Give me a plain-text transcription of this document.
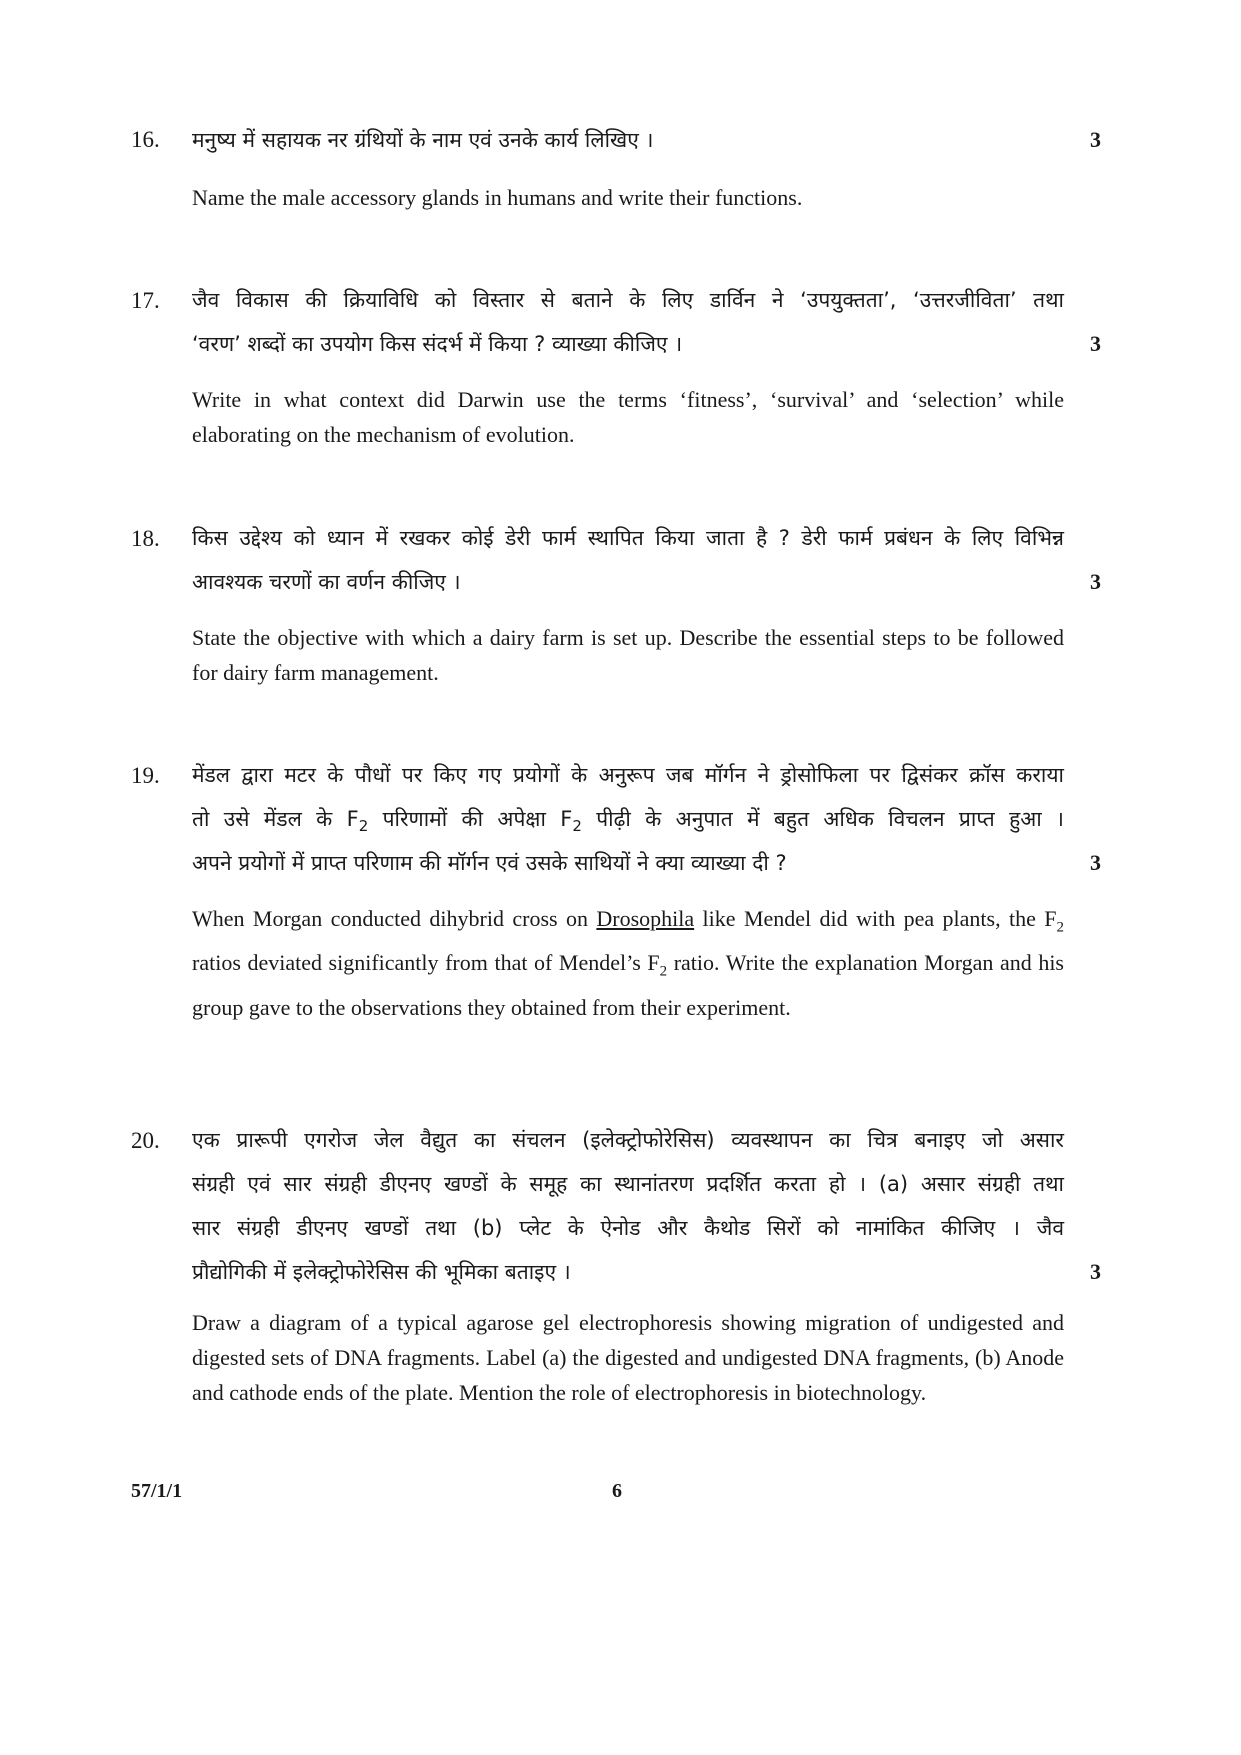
16. मनुष्य में सहायक नर ग्रंथियों के नाम एवं उनके कार्य लिखिए ।	3
Name the male accessory glands in humans and write their functions.
17. जैव विकास की क्रियाविधि को विस्तार से बताने के लिए डार्विन ने ‘उपयुक्तता’, ‘उत्तरजीविता’ तथा
‘वरण’ शब्दों का उपयोग किस संदर्भ में किया ? व्याख्या कीजिए ।	3
Write in what context did Darwin use the terms ‘fitness’, ‘survival’ and ‘selection’ while elaborating on the mechanism of evolution.
18. किस उद्देश्य को ध्यान में रखकर कोई डेरी फार्म स्थापित किया जाता है ? डेरी फार्म प्रबंधन के लिए विभिन्न
आवश्यक चरणों का वर्णन कीजिए ।	3
State the objective with which a dairy farm is set up. Describe the essential steps to be followed for dairy farm management.
19. मेंडल द्वारा मटर के पौधों पर किए गए प्रयोगों के अनुरूप जब मॉर्गन ने ड्रोसोफिला पर द्विसंकर क्रॉस कराया
तो उसे मेंडल के $F_2$ परिणामों की अपेक्षा $F_2$ पीढ़ी के अनुपात में बहुत अधिक विचलन प्राप्त हुआ ।
अपने प्रयोगों में प्राप्त परिणाम की मॉर्गन एवं उसके साथियों ने क्या व्याख्या दी ?	3
When Morgan conducted dihybrid cross on Drosophila like Mendel did with pea plants, the $F_2$ ratios deviated significantly from that of Mendel’s $F_2$ ratio. Write the explanation Morgan and his group gave to the observations they obtained from their experiment.
20. एक प्रारूपी एगरोज जेल वैद्युत का संचलन (इलेक्ट्रोफोरेसिस) व्यवस्थापन का चित्र बनाइए जो असार
संग्रही एवं सार संग्रही डीएनए खण्डों के समूह का स्थानांतरण प्रदर्शित करता हो । (a) असार संग्रही तथा
सार संग्रही डीएनए खण्डों तथा (b) प्लेट के ऐनोड और कैथोड सिरों को नामांकित कीजिए । जैव
प्रौद्योगिकी में इलेक्ट्रोफोरेसिस की भूमिका बताइए ।	3
Draw a diagram of a typical agarose gel electrophoresis showing migration of undigested and digested sets of DNA fragments. Label (a) the digested and undigested DNA fragments, (b) Anode and cathode ends of the plate. Mention the role of electrophoresis in biotechnology.
57/1/1	6
